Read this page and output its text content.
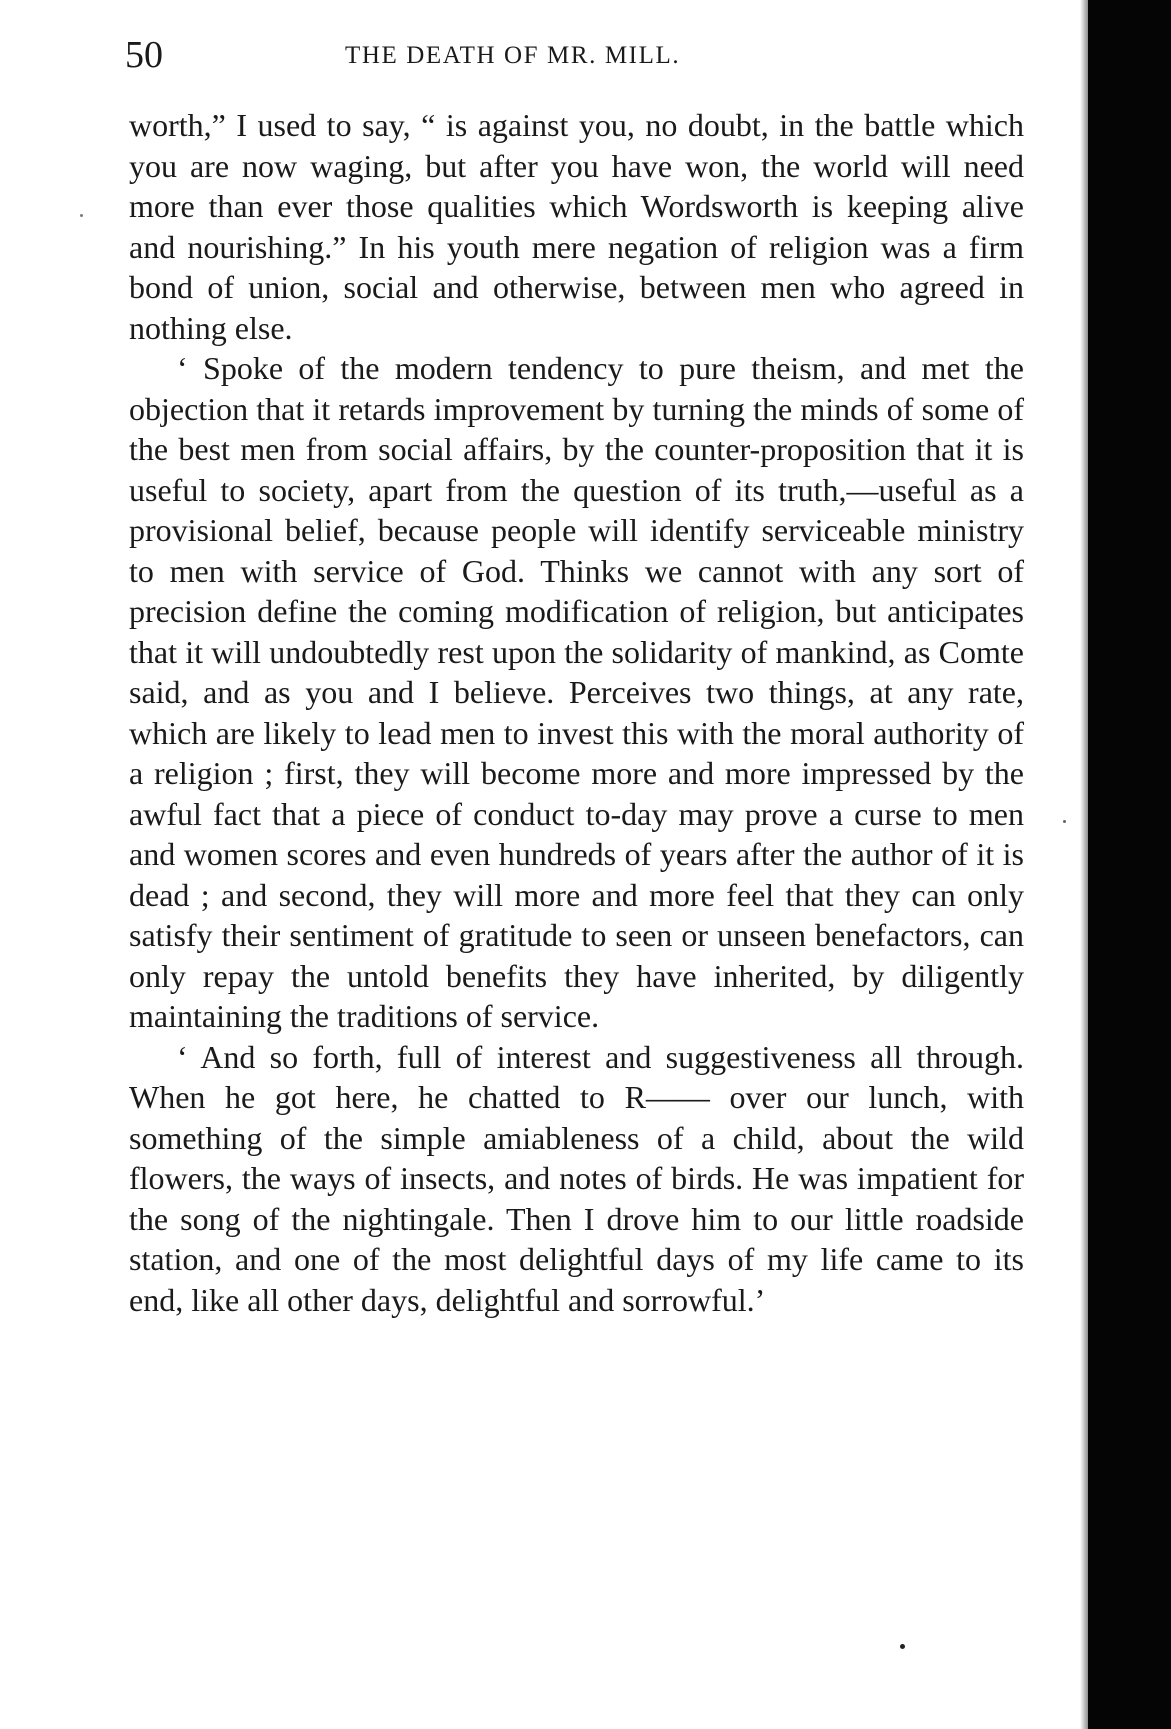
50	THE DEATH OF MR. MILL.

worth,” I used to say, “ is against you, no doubt, in the battle which you are now waging, but after you have won, the world will need more than ever those qualities which Wordsworth is keeping alive and nourishing.” In his youth mere negation of religion was a firm bond of union, social and otherwise, between men who agreed in nothing else.

‘ Spoke of the modern tendency to pure theism, and met the objection that it retards improvement by turning the minds of some of the best men from social affairs, by the counter-proposition that it is useful to society, apart from the question of its truth,—useful as a provisional belief, because people will identify serviceable ministry to men with service of God. Thinks we cannot with any sort of precision define the coming modification of religion, but anticipates that it will undoubtedly rest upon the solidarity of mankind, as Comte said, and as you and I believe. Perceives two things, at any rate, which are likely to lead men to invest this with the moral authority of a religion ; first, they will become more and more impressed by the awful fact that a piece of conduct to-day may prove a curse to men and women scores and even hundreds of years after the author of it is dead ; and second, they will more and more feel that they can only satisfy their sentiment of gratitude to seen or unseen benefactors, can only repay the untold benefits they have inherited, by diligently maintaining the traditions of service.

‘ And so forth, full of interest and suggestiveness all through. When he got here, he chatted to R—— over our lunch, with something of the simple amiableness of a child, about the wild flowers, the ways of insects, and notes of birds. He was impatient for the song of the nightingale. Then I drove him to our little roadside station, and one of the most delightful days of my life came to its end, like all other days, delightful and sorrowful.’
